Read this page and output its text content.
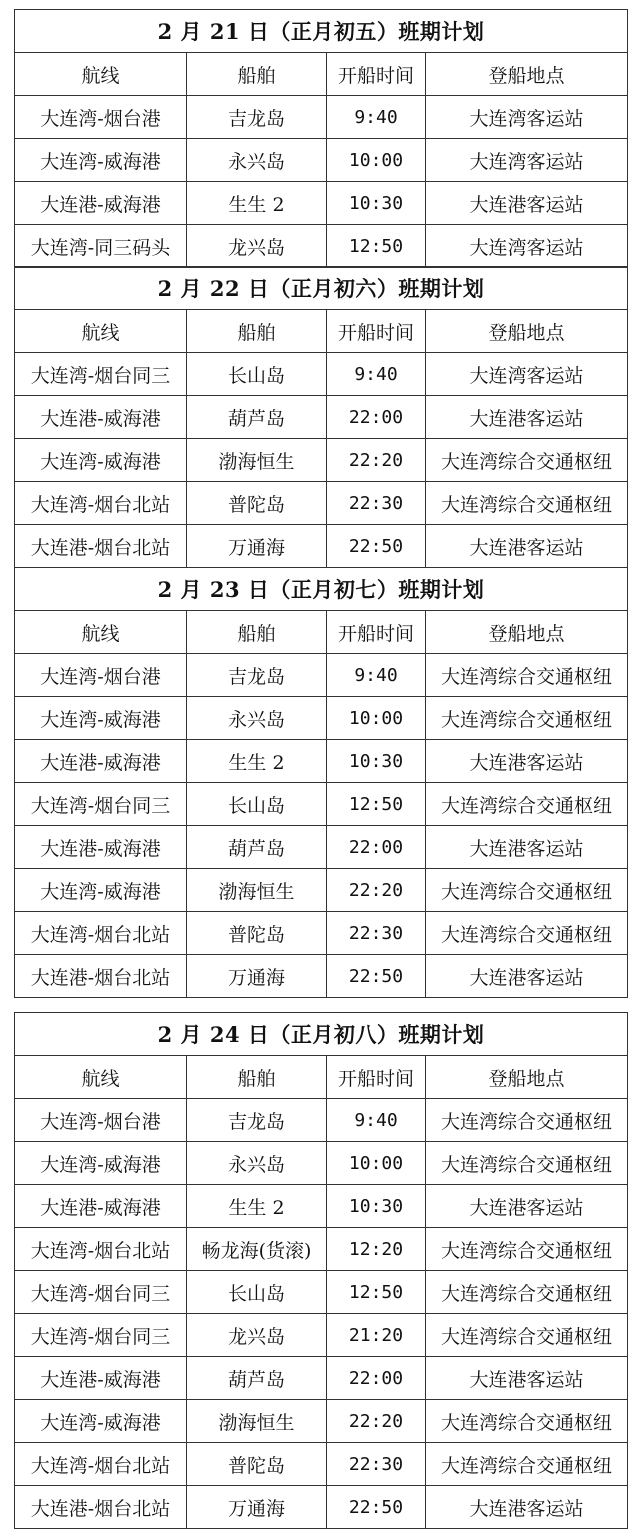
2 月 21 日（正月初五）班期计划			
航线	船舶	开船时间	登船地点
大连湾-烟台港	吉龙岛	9:40	大连湾客运站
大连湾-威海港	永兴岛	10:00	大连湾客运站
大连港-威海港	生生 2	10:30	大连港客运站
大连湾-同三码头	龙兴岛	12:50	大连湾客运站
2 月 22 日（正月初六）班期计划			
航线	船舶	开船时间	登船地点
大连湾-烟台同三	长山岛	9:40	大连湾客运站
大连港-威海港	葫芦岛	22:00	大连港客运站
大连湾-威海港	渤海恒生	22:20	大连湾综合交通枢纽
大连湾-烟台北站	普陀岛	22:30	大连湾综合交通枢纽
大连港-烟台北站	万通海	22:50	大连港客运站
2 月 23 日（正月初七）班期计划			
航线	船舶	开船时间	登船地点
大连湾-烟台港	吉龙岛	9:40	大连湾综合交通枢纽
大连湾-威海港	永兴岛	10:00	大连湾综合交通枢纽
大连港-威海港	生生 2	10:30	大连港客运站
大连湾-烟台同三	长山岛	12:50	大连湾综合交通枢纽
大连港-威海港	葫芦岛	22:00	大连港客运站
大连湾-威海港	渤海恒生	22:20	大连湾综合交通枢纽
大连湾-烟台北站	普陀岛	22:30	大连湾综合交通枢纽
大连港-烟台北站	万通海	22:50	大连港客运站
2 月 24 日（正月初八）班期计划			
航线	船舶	开船时间	登船地点
大连湾-烟台港	吉龙岛	9:40	大连湾综合交通枢纽
大连湾-威海港	永兴岛	10:00	大连湾综合交通枢纽
大连港-威海港	生生 2	10:30	大连港客运站
大连湾-烟台北站	畅龙海(货滚)	12:20	大连湾综合交通枢纽
大连湾-烟台同三	长山岛	12:50	大连湾综合交通枢纽
大连湾-烟台同三	龙兴岛	21:20	大连湾综合交通枢纽
大连港-威海港	葫芦岛	22:00	大连港客运站
大连湾-威海港	渤海恒生	22:20	大连湾综合交通枢纽
大连湾-烟台北站	普陀岛	22:30	大连湾综合交通枢纽
大连港-烟台北站	万通海	22:50	大连港客运站
